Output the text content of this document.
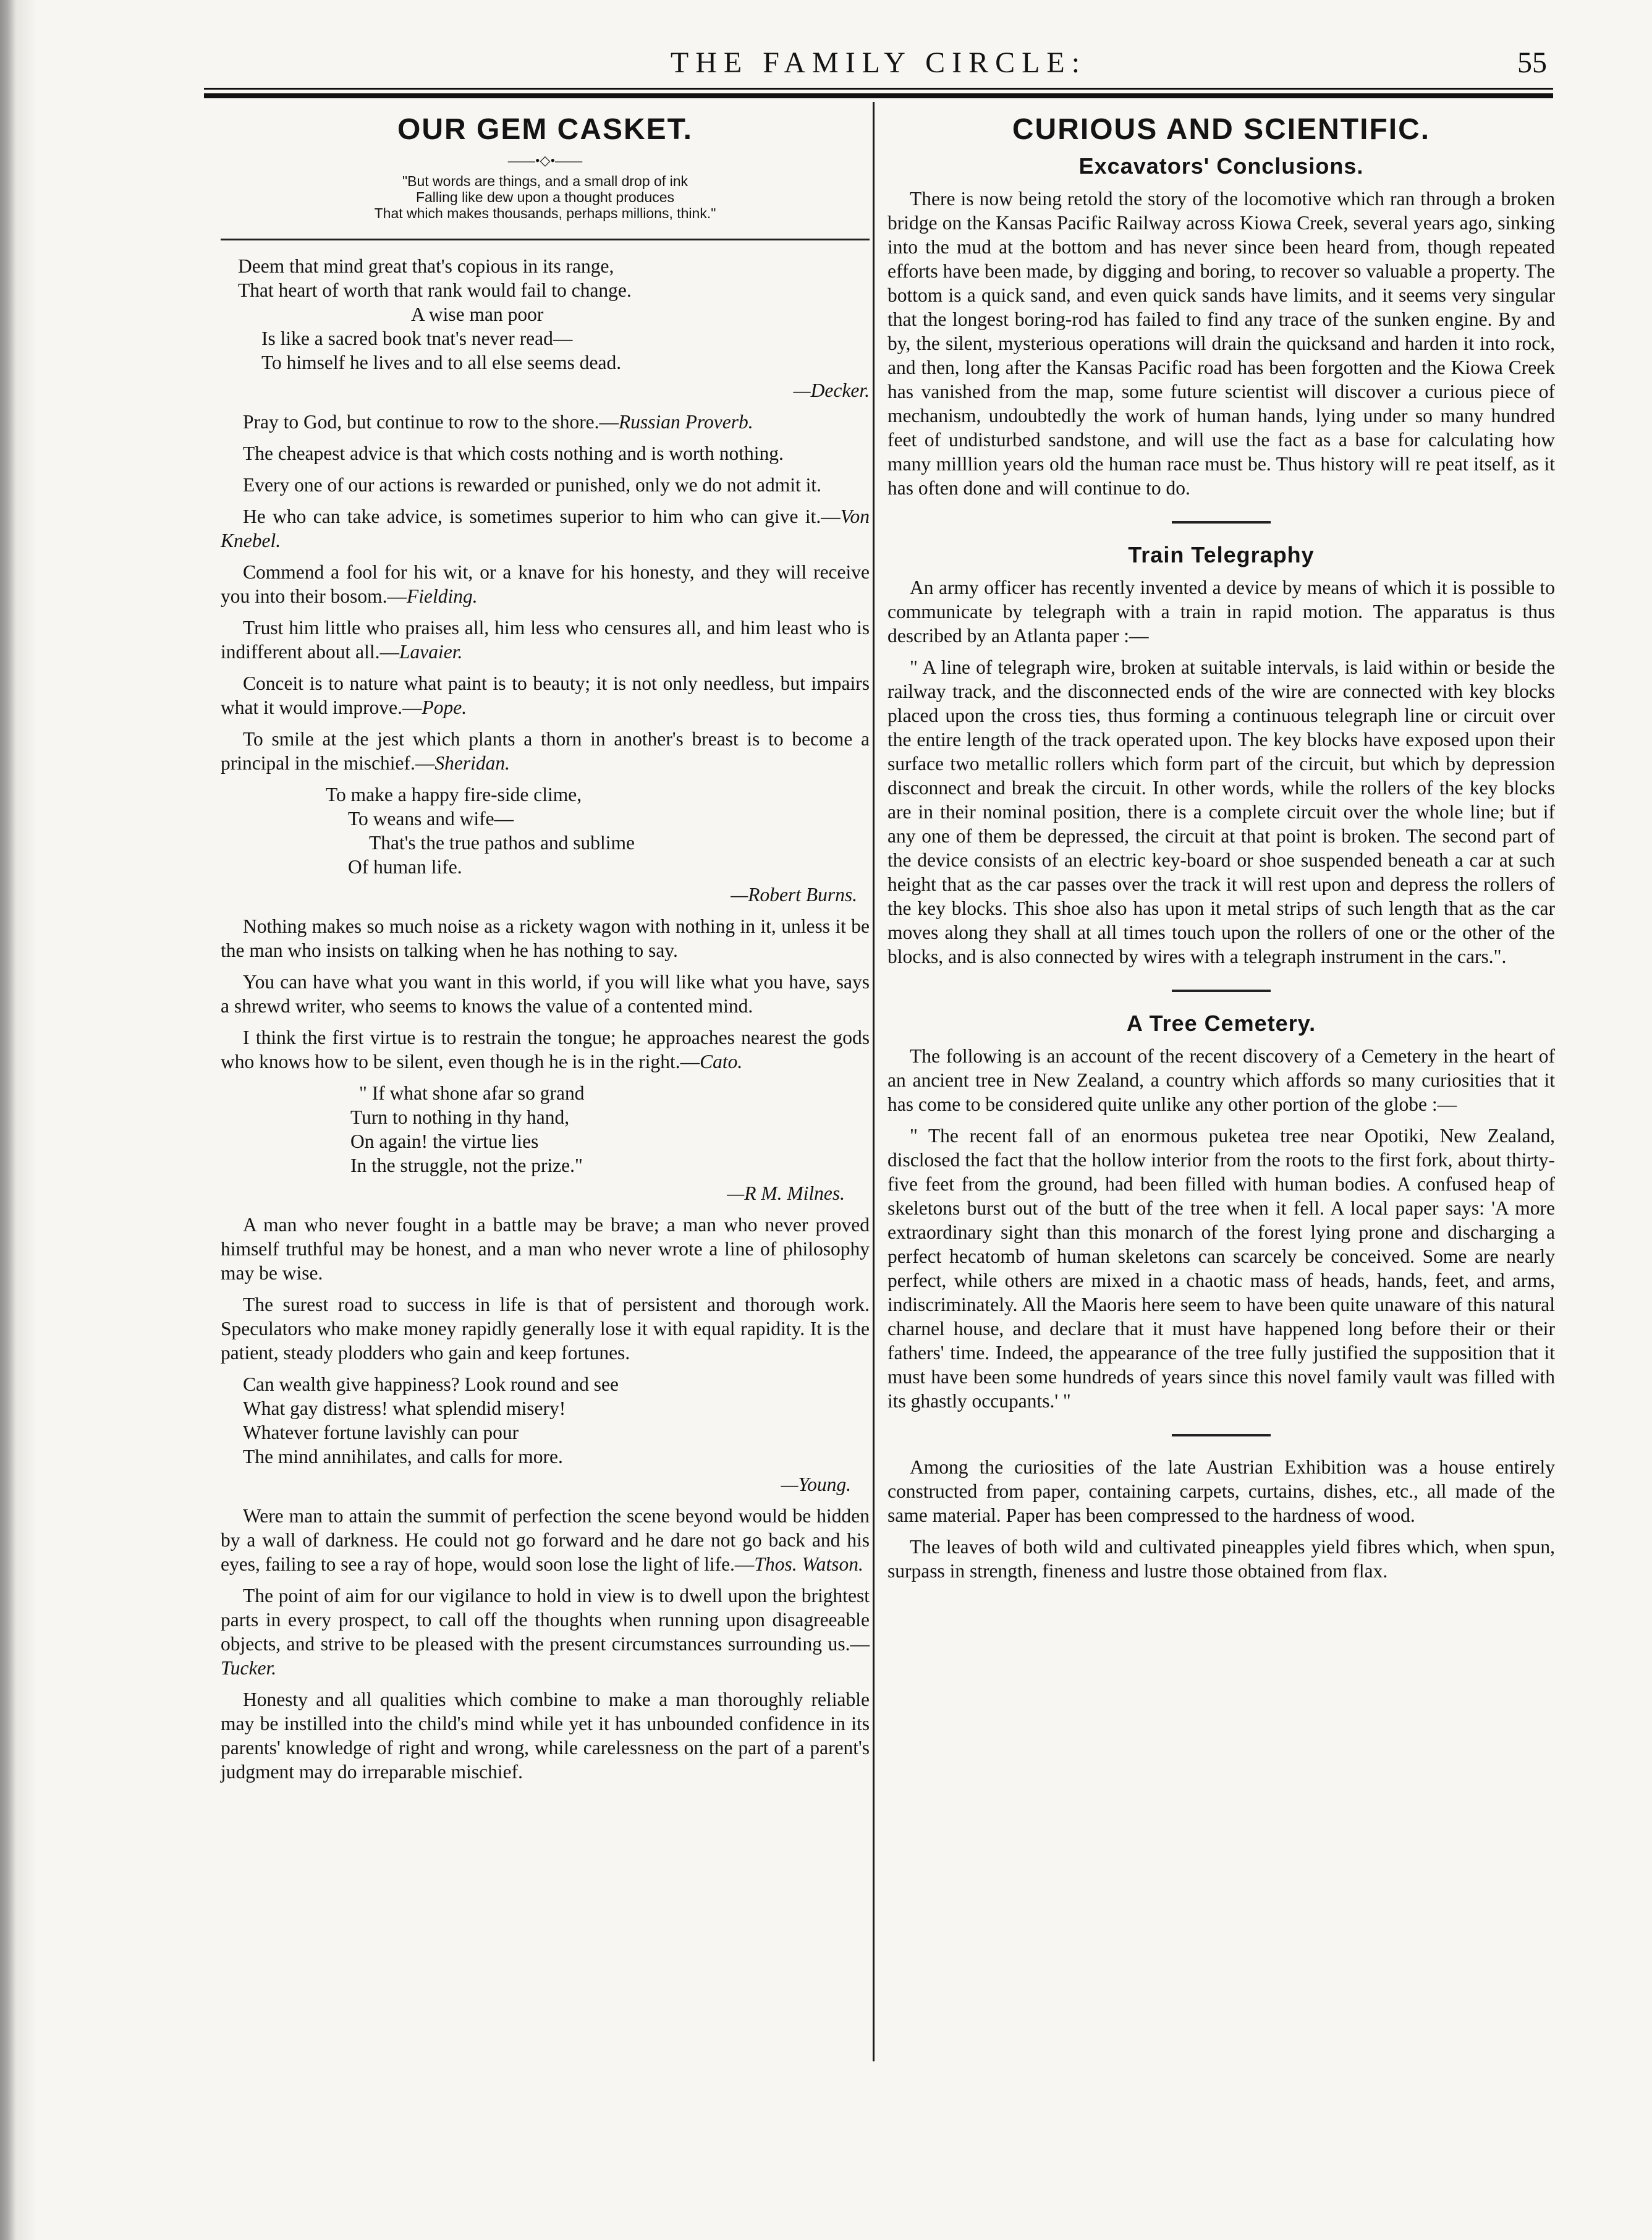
THE FAMILY CIRCLE:	55
OUR GEM CASKET.
——•◇•——
"But words are things, and a small drop of ink
Falling like dew upon a thought produces
That which makes thousands, perhaps millions, think."
Deem that mind great that's copious in its range,
That heart of worth that rank would fail to change.
A wise man poor
Is like a sacred book tnat's never read—
To himself he lives and to all else seems dead.
—Decker.

Pray to God, but continue to row to the shore.—Russian Proverb.

The cheapest advice is that which costs nothing and is worth nothing.

Every one of our actions is rewarded or punished, only we do not admit it.

He who can take advice, is sometimes superior to him who can give it.—Von Knebel.

Commend a fool for his wit, or a knave for his honesty, and they will receive you into their bosom.—Fielding.

Trust him little who praises all, him less who censures all, and him least who is indifferent about all.—Lavaier.

Conceit is to nature what paint is to beauty; it is not only needless, but impairs what it would improve.—Pope.

To smile at the jest which plants a thorn in another's breast is to become a principal in the mischief.—Sheridan.

To make a happy fire-side clime,
To weans and wife—
That's the true pathos and sublime
Of human life.
—Robert Burns.

Nothing makes so much noise as a rickety wagon with nothing in it, unless it be the man who insists on talking when he has nothing to say.

You can have what you want in this world, if you will like what you have, says a shrewd writer, who seems to knows the value of a contented mind.

I think the first virtue is to restrain the tongue; he approaches nearest the gods who knows how to be silent, even though he is in the right.—Cato.

" If what shone afar so grand
Turn to nothing in thy hand,
On again! the virtue lies
In the struggle, not the prize."
—R M. Milnes.

A man who never fought in a battle may be brave; a man who never proved himself truthful may be honest, and a man who never wrote a line of philosophy may be wise.

The surest road to success in life is that of persistent and thorough work. Speculators who make money rapidly generally lose it with equal rapidity. It is the patient, steady plodders who gain and keep fortunes.

Can wealth give happiness? Look round and see
What gay distress! what splendid misery!
Whatever fortune lavishly can pour
The mind annihilates, and calls for more.
—Young.

Were man to attain the summit of perfection the scene beyond would be hidden by a wall of darkness. He could not go forward and he dare not go back and his eyes, failing to see a ray of hope, would soon lose the light of life.—Thos. Watson.

The point of aim for our vigilance to hold in view is to dwell upon the brightest parts in every prospect, to call off the thoughts when running upon disagreeable objects, and strive to be pleased with the present circumstances surrounding us.—Tucker.

Honesty and all qualities which combine to make a man thoroughly reliable may be instilled into the child's mind while yet it has unbounded confidence in its parents' knowledge of right and wrong, while carelessness on the part of a parent's judgment may do irreparable mischief.

CURIOUS AND SCIENTIFIC.
Excavators' Conclusions.

There is now being retold the story of the locomotive which ran through a broken bridge on the Kansas Pacific Railway across Kiowa Creek, several years ago, sinking into the mud at the bottom and has never since been heard from, though repeated efforts have been made, by digging and boring, to recover so valuable a property. The bottom is a quick sand, and even quick sands have limits, and it seems very singular that the longest boring-rod has failed to find any trace of the sunken engine. By and by, the silent, mysterious operations will drain the quicksand and harden it into rock, and then, long after the Kansas Pacific road has been forgotten and the Kiowa Creek has vanished from the map, some future scientist will discover a curious piece of mechanism, undoubtedly the work of human hands, lying under so many hundred feet of undisturbed sandstone, and will use the fact as a base for calculating how many milllion years old the human race must be. Thus history will re peat itself, as it has often done and will continue to do.

Train Telegraphy

An army officer has recently invented a device by means of which it is possible to communicate by telegraph with a train in rapid motion. The apparatus is thus described by an Atlanta paper :—

" A line of telegraph wire, broken at suitable intervals, is laid within or beside the railway track, and the disconnected ends of the wire are connected with key blocks placed upon the cross ties, thus forming a continuous telegraph line or circuit over the entire length of the track operated upon. The key blocks have exposed upon their surface two metallic rollers which form part of the circuit, but which by depression disconnect and break the circuit. In other words, while the rollers of the key blocks are in their nominal position, there is a complete circuit over the whole line; but if any one of them be depressed, the circuit at that point is broken. The second part of the device consists of an electric key-board or shoe suspended beneath a car at such height that as the car passes over the track it will rest upon and depress the rollers of the key blocks. This shoe also has upon it metal strips of such length that as the car moves along they shall at all times touch upon the rollers of one or the other of the blocks, and is also connected by wires with a telegraph instrument in the cars.".

A Tree Cemetery.

The following is an account of the recent discovery of a Cemetery in the heart of an ancient tree in New Zealand, a country which affords so many curiosities that it has come to be considered quite unlike any other portion of the globe :—

" The recent fall of an enormous puketea tree near Opotiki, New Zealand, disclosed the fact that the hollow interior from the roots to the first fork, about thirty-five feet from the ground, had been filled with human bodies. A confused heap of skeletons burst out of the butt of the tree when it fell. A local paper says: 'A more extraordinary sight than this monarch of the forest lying prone and discharging a perfect hecatomb of human skeletons can scarcely be conceived. Some are nearly perfect, while others are mixed in a chaotic mass of heads, hands, feet, and arms, indiscriminately. All the Maoris here seem to have been quite unaware of this natural charnel house, and declare that it must have happened long before their or their fathers' time. Indeed, the appearance of the tree fully justified the supposition that it must have been some hundreds of years since this novel family vault was filled with its ghastly occupants.' "

Among the curiosities of the late Austrian Exhibition was a house entirely constructed from paper, containing carpets, curtains, dishes, etc., all made of the same material. Paper has been compressed to the hardness of wood.

The leaves of both wild and cultivated pineapples yield fibres which, when spun, surpass in strength, fineness and lustre those obtained from flax.
